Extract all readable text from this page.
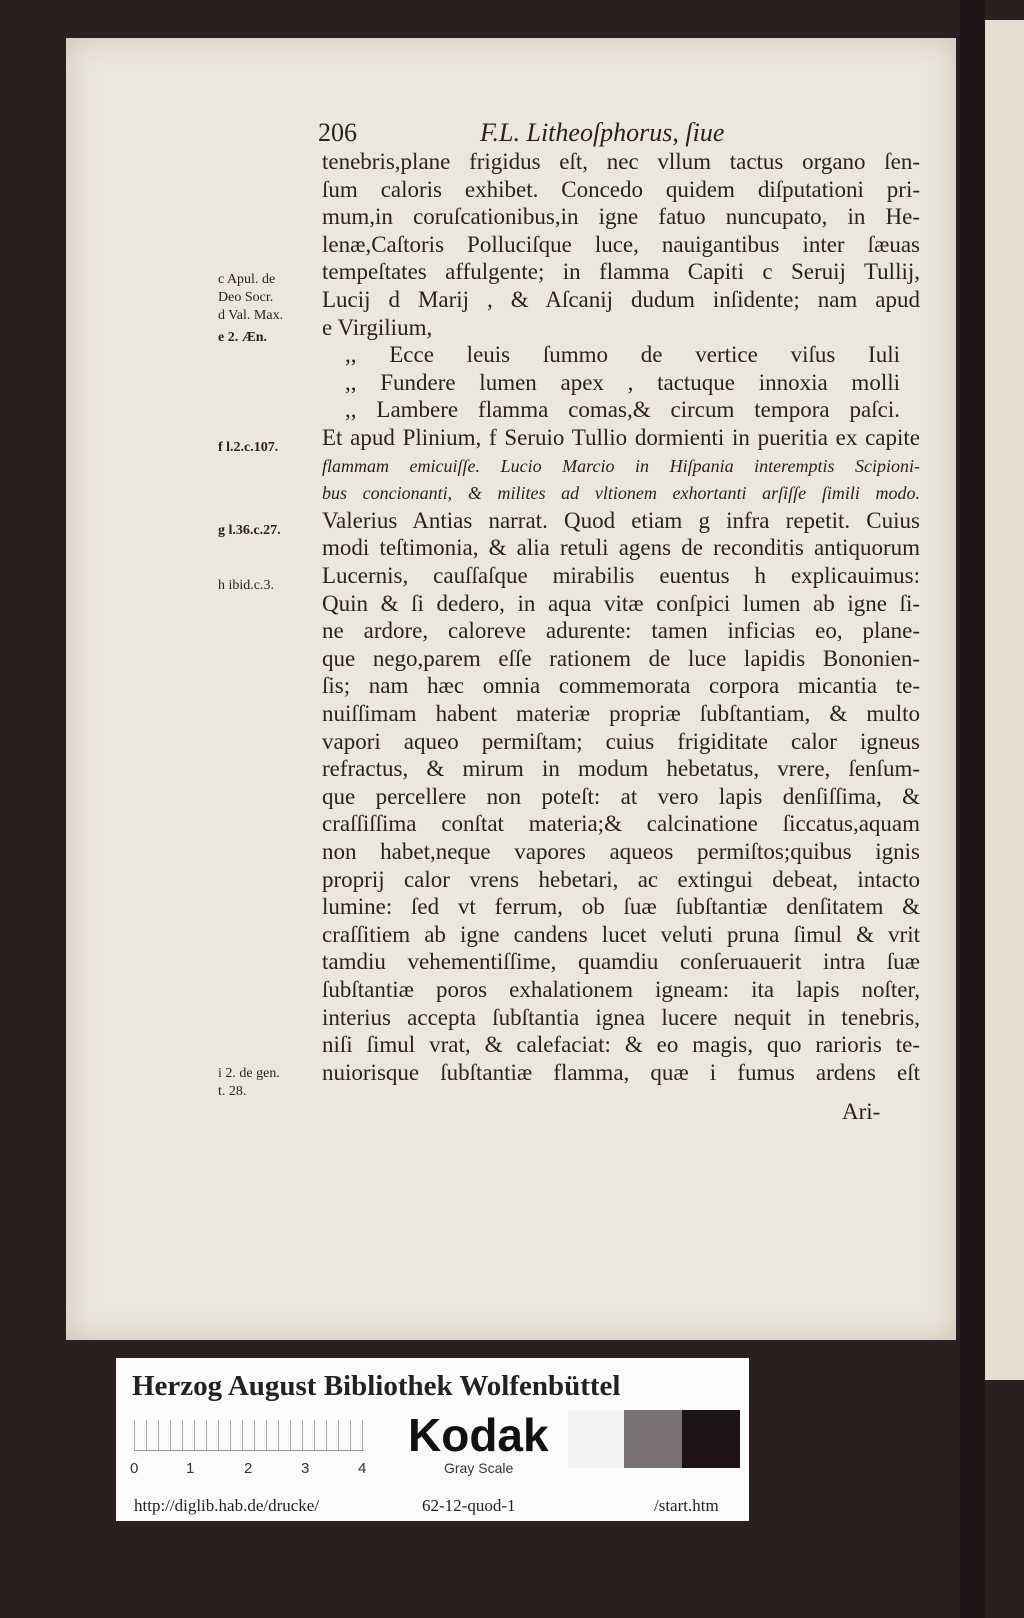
206	F.L. Litheoſphorus, ſiue
tenebris,plane frigidus eſt, nec vllum tactus organo ſen-
ſum caloris exhibet. Concedo quidem diſputationi pri-
mum,in coruſcationibus,in igne fatuo nuncupato, in He-
lenæ,Caſtoris Polluciſque luce, nauigantibus inter ſæuas
tempeſtates affulgente; in flamma Capiti c Seruij Tullij,
Lucij d Marij , & Aſcanij dudum inſidente; nam apud
e Virgilium,
,, Ecce leuis ſummo de vertice viſus Iuli
,, Fundere lumen apex , tactuque innoxia molli
,, Lambere flamma comas,& circum tempora paſci.
Et apud Plinium, f Seruio Tullio dormienti in pueritia ex capite
flammam emicuiſſe. Lucio Marcio in Hiſpania interemptis Scipioni-
bus concionanti, & milites ad vltionem exhortanti arſiſſe ſimili modo.
Valerius Antias narrat. Quod etiam g infra repetit. Cuius
modi teſtimonia, & alia retuli agens de reconditis antiquorum
Lucernis, cauſſaſque mirabilis euentus h explicauimus:
Quin & ſi dedero, in aqua vitæ conſpici lumen ab igne ſi-
ne ardore, caloreve adurente: tamen inficias eo, plane-
que nego,parem eſſe rationem de luce lapidis Bononien-
ſis; nam hæc omnia commemorata corpora micantia te-
nuiſſimam habent materiæ propriæ ſubſtantiam, & multo
vapori aqueo permiſtam; cuius frigiditate calor igneus
refractus, & mirum in modum hebetatus, vrere, ſenſum-
que percellere non poteſt: at vero lapis denſiſſima, &
craſſiſſima conſtat materia;& calcinatione ſiccatus,aquam
non habet,neque vapores aqueos permiſtos;quibus ignis
proprij calor vrens hebetari, ac extingui debeat, intacto
lumine: ſed vt ferrum, ob ſuæ ſubſtantiæ denſitatem &
craſſitiem ab igne candens lucet veluti pruna ſimul & vrit
tamdiu vehementiſſime, quamdiu conſeruauerit intra ſuæ
ſubſtantiæ poros exhalationem igneam: ita lapis noſter,
interius accepta ſubſtantia ignea lucere nequit in tenebris,
niſi ſimul vrat, & calefaciat: & eo magis, quo rarioris te-
nuiorisque ſubſtantiæ flamma, quæ i fumus ardens eſt
Ari-
c Apul. de
Deo Socr.
d Val. Max.
e 2. Æn.
f l.2.c.107.
g l.36.c.27.
h ibid.c.3.
i 2. de gen.
t. 28.
Herzog August Bibliothek Wolfenbüttel
0	1	2	3	4
Kodak
Gray Scale
http://diglib.hab.de/drucke/	62-12-quod-1	/start.htm
